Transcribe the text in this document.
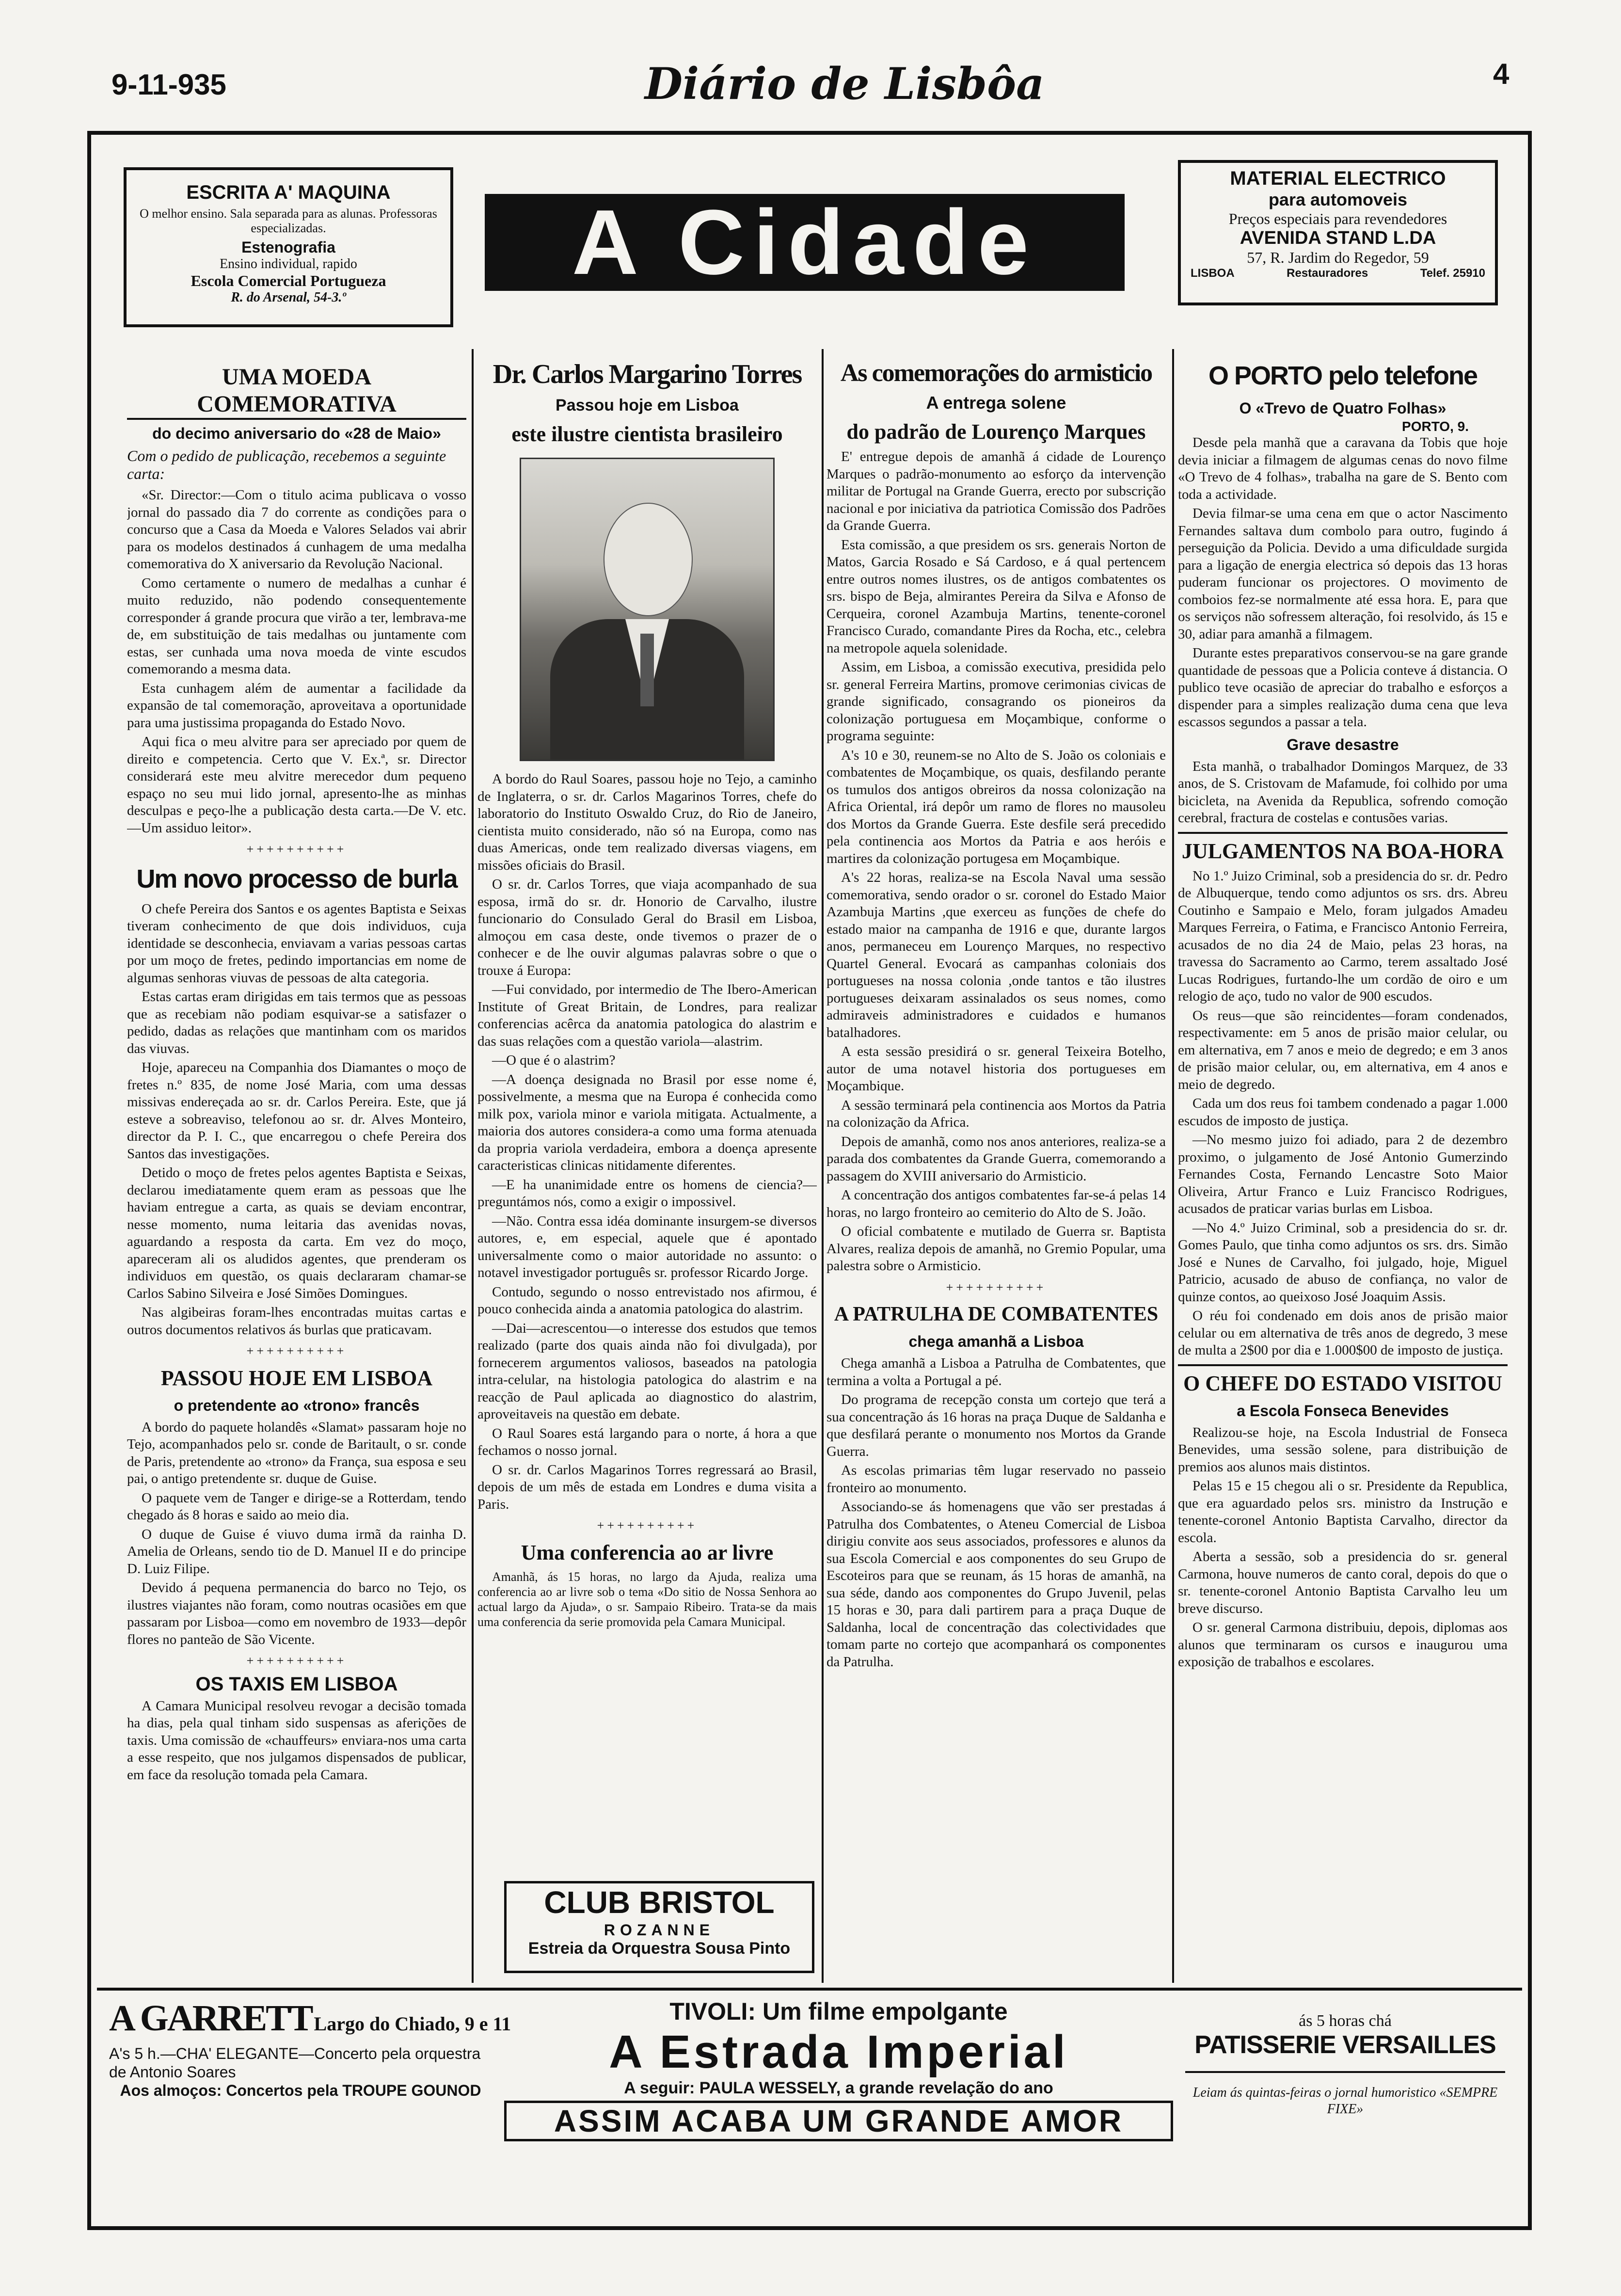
9-11-935	Diário de Lisbôa	4
ESCRITA A' MAQUINA
O melhor ensino. Sala separada para as alunas. Professoras especializadas.
Estenografia
Ensino individual, rapido
Escola Comercial Portugueza
R. do Arsenal, 54-3.º
A Cidade
MATERIAL ELECTRICO
para automoveis
Preços especiais para revendedores
AVENIDA STAND L.DA
57, R. Jardim do Regedor, 59
LISBOA	Restauradores	Telef. 25910
UMA MOEDA COMEMORATIVA
do decimo aniversario do «28 de Maio»
Com o pedido de publicação, recebemos a seguinte carta:

«Sr. Director:—Com o titulo acima publicava o vosso jornal do passado dia 7 do corrente as condições para o concurso que a Casa da Moeda e Valores Selados vai abrir para os modelos destinados á cunhagem de uma medalha comemorativa do X aniversario da Revolução Nacional.

Como certamente o numero de medalhas a cunhar é muito reduzido, não podendo consequentemente corresponder á grande procura que virão a ter, lembrava-me de, em substituição de tais medalhas ou juntamente com estas, ser cunhada uma nova moeda de vinte escudos comemorando a mesma data.

Esta cunhagem além de aumentar a facilidade da expansão de tal comemoração, aproveitava a oportunidade para uma justissima propaganda do Estado Novo.

Aqui fica o meu alvitre para ser apreciado por quem de direito e competencia. Certo que V. Ex.ª, sr. Director considerará este meu alvitre merecedor dum pequeno espaço no seu mui lido jornal, apresento-lhe as minhas desculpas e peço-lhe a publicação desta carta.—De V. etc.—Um assiduo leitor».

++++++++++
Um novo processo de burla

O chefe Pereira dos Santos e os agentes Baptista e Seixas tiveram conhecimento de que dois individuos, cuja identidade se desconhecia, enviavam a varias pessoas cartas por um moço de fretes, pedindo importancias em nome de algumas senhoras viuvas de pessoas de alta categoria.

Estas cartas eram dirigidas em tais termos que as pessoas que as recebiam não podiam esquivar-se a satisfazer o pedido, dadas as relações que mantinham com os maridos das viuvas.

Hoje, apareceu na Companhia dos Diamantes o moço de fretes n.º 835, de nome José Maria, com uma dessas missivas endereçada ao sr. dr. Carlos Pereira. Este, que já esteve a sobreaviso, telefonou ao sr. dr. Alves Monteiro, director da P. I. C., que encarregou o chefe Pereira dos Santos das investigações.

Detido o moço de fretes pelos agentes Baptista e Seixas, declarou imediatamente quem eram as pessoas que lhe haviam entregue a carta, as quais se deviam encontrar, nesse momento, numa leitaria das avenidas novas, aguardando a resposta da carta. Em vez do moço, apareceram ali os aludidos agentes, que prenderam os individuos em questão, os quais declararam chamar-se Carlos Sabino Silveira e José Simões Domingues.

Nas algibeiras foram-lhes encontradas muitas cartas e outros documentos relativos ás burlas que praticavam.

++++++++++
PASSOU HOJE EM LISBOA
o pretendente ao «trono» francês

A bordo do paquete holandês «Slamat» passaram hoje no Tejo, acompanhados pelo sr. conde de Baritault, o sr. conde de Paris, pretendente ao «trono» da França, sua esposa e seu pai, o antigo pretendente sr. duque de Guise.

O paquete vem de Tanger e dirige-se a Rotterdam, tendo chegado ás 8 horas e saido ao meio dia.

O duque de Guise é viuvo duma irmã da rainha D. Amelia de Orleans, sendo tio de D. Manuel II e do principe D. Luiz Filipe.

Devido á pequena permanencia do barco no Tejo, os ilustres viajantes não foram, como noutras ocasiões em que passaram por Lisboa—como em novembro de 1933—depôr flores no panteão de São Vicente.

++++++++++
OS TAXIS EM LISBOA

A Camara Municipal resolveu revogar a decisão tomada ha dias, pela qual tinham sido suspensas as aferições de taxis. Uma comissão de «chauffeurs» enviara-nos uma carta a esse respeito, que nos julgamos dispensados de publicar, em face da resolução tomada pela Camara.

Dr. Carlos Margarino Torres
Passou hoje em Lisboa
este ilustre cientista brasileiro

A bordo do Raul Soares, passou hoje no Tejo, a caminho de Inglaterra, o sr. dr. Carlos Magarinos Torres, chefe do laboratorio do Instituto Oswaldo Cruz, do Rio de Janeiro, cientista muito considerado, não só na Europa, como nas duas Americas, onde tem realizado diversas viagens, em missões oficiais do Brasil.

O sr. dr. Carlos Torres, que viaja acompanhado de sua esposa, irmã do sr. dr. Honorio de Carvalho, ilustre funcionario do Consulado Geral do Brasil em Lisboa, almoçou em casa deste, onde tivemos o prazer de o conhecer e de lhe ouvir algumas palavras sobre o que o trouxe á Europa:

—Fui convidado, por intermedio de The Ibero-American Institute of Great Britain, de Londres, para realizar conferencias acêrca da anatomia patologica do alastrim e das suas relações com a questão variola—alastrim.

—O que é o alastrim?

—A doença designada no Brasil por esse nome é, possivelmente, a mesma que na Europa é conhecida como milk pox, variola minor e variola mitigata. Actualmente, a maioria dos autores considera-a como uma forma atenuada da propria variola verdadeira, embora a doença apresente caracteristicas clinicas nitidamente diferentes.

—E ha unanimidade entre os homens de ciencia?—preguntámos nós, como a exigir o impossivel.

—Não. Contra essa idéa dominante insurgem-se diversos autores, e, em especial, aquele que é apontado universalmente como o maior autoridade no assunto: o notavel investigador português sr. professor Ricardo Jorge.

Contudo, segundo o nosso entrevistado nos afirmou, é pouco conhecida ainda a anatomia patologica do alastrim.

—Dai—acrescentou—o interesse dos estudos que temos realizado (parte dos quais ainda não foi divulgada), por fornecerem argumentos valiosos, baseados na patologia intra-celular, na histologia patologica do alastrim e na reacção de Paul aplicada ao diagnostico do alastrim, aproveitaveis na questão em debate.

O Raul Soares está largando para o norte, á hora a que fechamos o nosso jornal.

O sr. dr. Carlos Magarinos Torres regressará ao Brasil, depois de um mês de estada em Londres e duma visita a Paris.

++++++++++
Uma conferencia ao ar livre

Amanhã, ás 15 horas, no largo da Ajuda, realiza uma conferencia ao ar livre sob o tema «Do sitio de Nossa Senhora ao actual largo da Ajuda», o sr. Sampaio Ribeiro. Trata-se da mais uma conferencia da serie promovida pela Camara Municipal.

As comemorações do armisticio
A entrega solene
do padrão de Lourenço Marques

E' entregue depois de amanhã á cidade de Lourenço Marques o padrão-monumento ao esforço da intervenção militar de Portugal na Grande Guerra, erecto por subscrição nacional e por iniciativa da patriotica Comissão dos Padrões da Grande Guerra.

Esta comissão, a que presidem os srs. generais Norton de Matos, Garcia Rosado e Sá Cardoso, e á qual pertencem entre outros nomes ilustres, os de antigos combatentes os srs. bispo de Beja, almirantes Pereira da Silva e Afonso de Cerqueira, coronel Azambuja Martins, tenente-coronel Francisco Curado, comandante Pires da Rocha, etc., celebra na metropole aquela solenidade.

Assim, em Lisboa, a comissão executiva, presidida pelo sr. general Ferreira Martins, promove cerimonias civicas de grande significado, consagrando os pioneiros da colonização portuguesa em Moçambique, conforme o programa seguinte:

A's 10 e 30, reunem-se no Alto de S. João os coloniais e combatentes de Moçambique, os quais, desfilando perante os tumulos dos antigos obreiros da nossa colonização na Africa Oriental, irá depôr um ramo de flores no mausoleu dos Mortos da Grande Guerra. Este desfile será precedido pela continencia aos Mortos da Patria e aos heróis e martires da colonização portugesa em Moçambique.

A's 22 horas, realiza-se na Escola Naval uma sessão comemorativa, sendo orador o sr. coronel do Estado Maior Azambuja Martins ,que exerceu as funções de chefe do estado maior na campanha de 1916 e que, durante largos anos, permaneceu em Lourenço Marques, no respectivo Quartel General. Evocará as campanhas coloniais dos portugueses na nossa colonia ,onde tantos e tão ilustres portugueses deixaram assinalados os seus nomes, como admiraveis administradores e cuidados e humanos batalhadores.

A esta sessão presidirá o sr. general Teixeira Botelho, autor de uma notavel historia dos portugueses em Moçambique.

A sessão terminará pela continencia aos Mortos da Patria na colonização da Africa.

Depois de amanhã, como nos anos anteriores, realiza-se a parada dos combatentes da Grande Guerra, comemorando a passagem do XVIII aniversario do Armisticio.

A concentração dos antigos combatentes far-se-á pelas 14 horas, no largo fronteiro ao cemiterio do Alto de S. João.

O oficial combatente e mutilado de Guerra sr. Baptista Alvares, realiza depois de amanhã, no Gremio Popular, uma palestra sobre o Armisticio.

++++++++++
A PATRULHA DE COMBATENTES
chega amanhã a Lisboa

Chega amanhã a Lisboa a Patrulha de Combatentes, que termina a volta a Portugal a pé.

Do programa de recepção consta um cortejo que terá a sua concentração ás 16 horas na praça Duque de Saldanha e que desfilará perante o monumento nos Mortos da Grande Guerra.

As escolas primarias têm lugar reservado no passeio fronteiro ao monumento.

Associando-se ás homenagens que vão ser prestadas á Patrulha dos Combatentes, o Ateneu Comercial de Lisboa dirigiu convite aos seus associados, professores e alunos da sua Escola Comercial e aos componentes do seu Grupo de Escoteiros para que se reunam, ás 15 horas de amanhã, na sua séde, dando aos componentes do Grupo Juvenil, pelas 15 horas e 30, para dali partirem para a praça Duque de Saldanha, local de concentração das colectividades que tomam parte no cortejo que acompanhará os componentes da Patrulha.

O PORTO pelo telefone
O «Trevo de Quatro Folhas»
PORTO, 9.

Desde pela manhã que a caravana da Tobis que hoje devia iniciar a filmagem de algumas cenas do novo filme «O Trevo de 4 folhas», trabalha na gare de S. Bento com toda a actividade.

Devia filmar-se uma cena em que o actor Nascimento Fernandes saltava dum combolo para outro, fugindo á perseguição da Policia. Devido a uma dificuldade surgida para a ligação de energia electrica só depois das 13 horas puderam funcionar os projectores. O movimento de comboios fez-se normalmente até essa hora. E, para que os serviços não sofressem alteração, foi resolvido, ás 15 e 30, adiar para amanhã a filmagem.

Durante estes preparativos conservou-se na gare grande quantidade de pessoas que a Policia conteve á distancia. O publico teve ocasião de apreciar do trabalho e esforços a dispender para a simples realização duma cena que leva escassos segundos a passar a tela.

Grave desastre

Esta manhã, o trabalhador Domingos Marquez, de 33 anos, de S. Cristovam de Mafamude, foi colhido por uma bicicleta, na Avenida da Republica, sofrendo comoção cerebral, fractura de costelas e contusões varias.

JULGAMENTOS NA BOA-HORA

No 1.º Juizo Criminal, sob a presidencia do sr. dr. Pedro de Albuquerque, tendo como adjuntos os srs. drs. Abreu Coutinho e Sampaio e Melo, foram julgados Amadeu Marques Ferreira, o Fatima, e Francisco Antonio Ferreira, acusados de no dia 24 de Maio, pelas 23 horas, na travessa do Sacramento ao Carmo, terem assaltado José Lucas Rodrigues, furtando-lhe um cordão de oiro e um relogio de aço, tudo no valor de 900 escudos.

Os reus—que são reincidentes—foram condenados, respectivamente: em 5 anos de prisão maior celular, ou em alternativa, em 7 anos e meio de degredo; e em 3 anos de prisão maior celular, ou, em alternativa, em 4 anos e meio de degredo.

Cada um dos reus foi tambem condenado a pagar 1.000 escudos de imposto de justiça.

—No mesmo juizo foi adiado, para 2 de dezembro proximo, o julgamento de José Antonio Gumerzindo Fernandes Costa, Fernando Lencastre Soto Maior Oliveira, Artur Franco e Luiz Francisco Rodrigues, acusados de praticar varias burlas em Lisboa.

—No 4.º Juizo Criminal, sob a presidencia do sr. dr. Gomes Paulo, que tinha como adjuntos os srs. drs. Simão José e Nunes de Carvalho, foi julgado, hoje, Miguel Patricio, acusado de abuso de confiança, no valor de quinze contos, ao queixoso José Joaquim Assis.

O réu foi condenado em dois anos de prisão maior celular ou em alternativa de três anos de degredo, 3 mese de multa a 2$00 por dia e 1.000$00 de imposto de justiça.

O CHEFE DO ESTADO VISITOU
a Escola Fonseca Benevides

Realizou-se hoje, na Escola Industrial de Fonseca Benevides, uma sessão solene, para distribuição de premios aos alunos mais distintos.

Pelas 15 e 15 chegou ali o sr. Presidente da Republica, que era aguardado pelos srs. ministro da Instrução e tenente-coronel Antonio Baptista Carvalho, director da escola.

Aberta a sessão, sob a presidencia do sr. general Carmona, houve numeros de canto coral, depois do que o sr. tenente-coronel Antonio Baptista Carvalho leu um breve discurso.

O sr. general Carmona distribuiu, depois, diplomas aos alunos que terminaram os cursos e inaugurou uma exposição de trabalhos e escolares.

CLUB BRISTOL
ROZANNE
Estreia da Orquestra Sousa Pinto
A GARRETT Largo do Chiado, 9 e 11
A's 5 h.—CHA' ELEGANTE—Concerto pela orquestra de Antonio Soares
Aos almoços: Concertos pela TROUPE GOUNOD
TIVOLI: Um filme empolgante
A Estrada Imperial
A seguir: PAULA WESSELY, a grande revelação do ano
ASSIM ACABA UM GRANDE AMOR
ás 5 horas chá
PATISSERIE VERSAILLES
Leiam ás quintas-feiras o jornal humoristico «SEMPRE FIXE»
